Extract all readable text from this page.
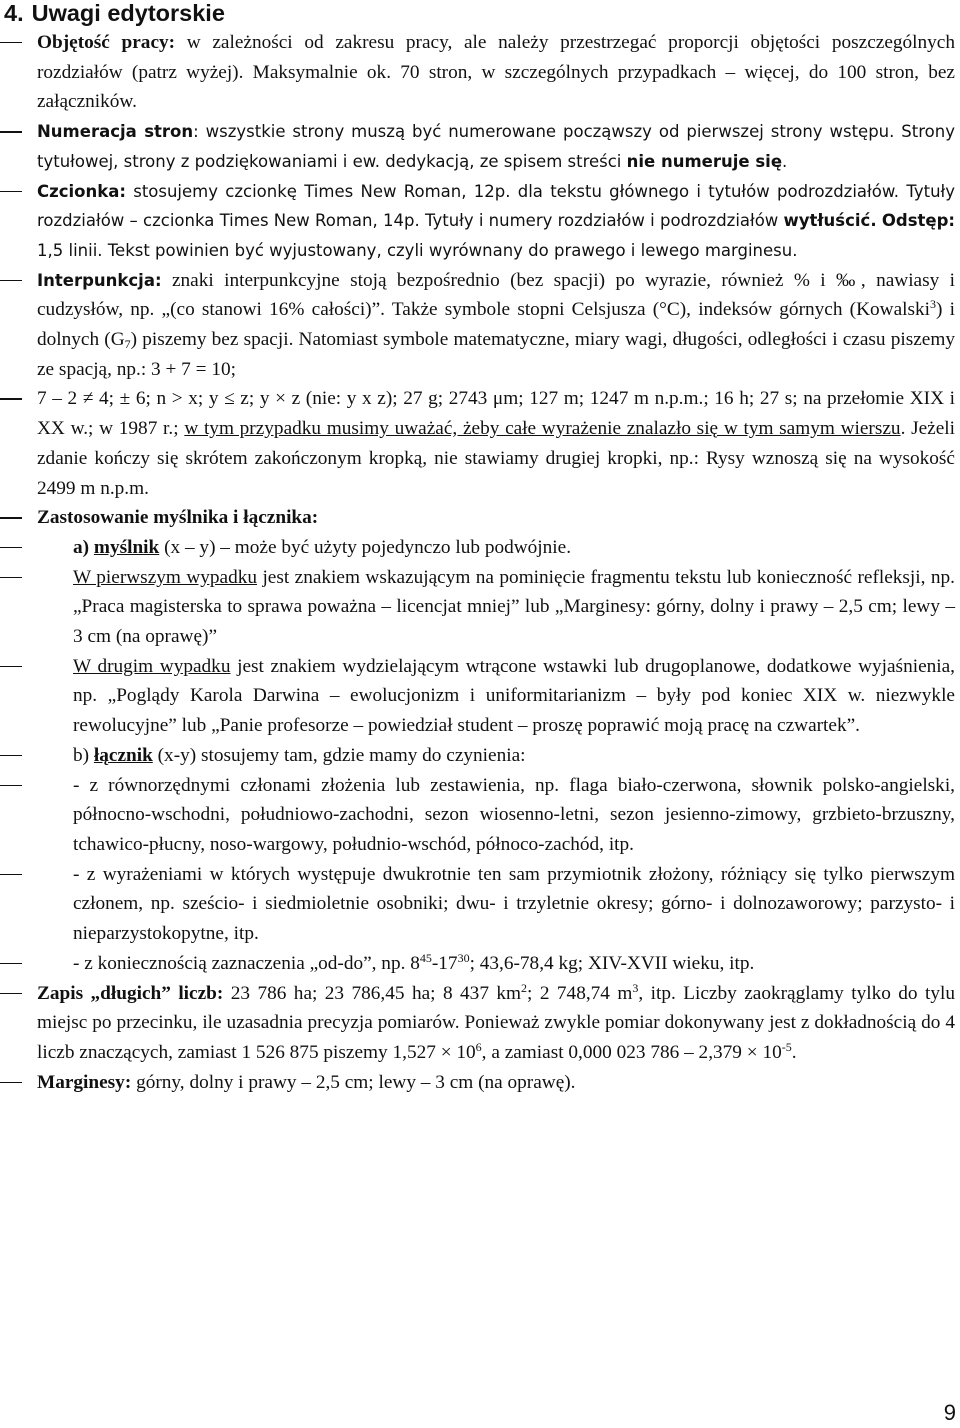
4. Uwagi edytorskie
Objętość pracy: w zależności od zakresu pracy, ale należy przestrzegać proporcji objętości poszczególnych rozdziałów (patrz wyżej). Maksymalnie ok. 70 stron, w szczególnych przypadkach – więcej, do 100 stron, bez załączników.
Numeracja stron: wszystkie strony muszą być numerowane począwszy od pierwszej strony wstępu. Strony tytułowej, strony z podziękowaniami i ew. dedykacją, ze spisem streści nie numeruje się.
Czcionka: stosujemy czcionkę Times New Roman, 12p. dla tekstu głównego i tytułów podrozdziałów. Tytuły rozdziałów – czcionka Times New Roman, 14p. Tytuły i numery rozdziałów i podrozdziałów wytłuścić. Odstęp: 1,5 linii. Tekst powinien być wyjustowany, czyli wyrównany do prawego i lewego marginesu.
Interpunkcja: znaki interpunkcyjne stoją bezpośrednio (bez spacji) po wyrazie, również % i ‰, nawiasy i cudzysłów, np. „(co stanowi 16% całości)”. Także symbole stopni Celsjusza (°C), indeksów górnych (Kowalski$^3$) i dolnych $(G_7)$ piszemy bez spacji. Natomiast symbole matematyczne, miary wagi, długości, odległości i czasu piszemy ze spacją, np.: 3 + 7 = 10;
7 – 2 ≠ 4; ± 6; n > x; y ≤ z; y × z (nie: y x z); 27 g; 2743 μm; 127 m; 1247 m n.p.m.; 16 h; 27 s; na przełomie XIX i XX w.; w 1987 r.; w tym przypadku musimy uważać, żeby całe wyrażenie znalazło się w tym samym wierszu. Jeżeli zdanie kończy się skrótem zakończonym kropką, nie stawiamy drugiej kropki, np.: Rysy wznoszą się na wysokość 2499 m n.p.m.
Zastosowanie myślnika i łącznika:
a) myślnik (x – y) – może być użyty pojedynczo lub podwójnie.
W pierwszym wypadku jest znakiem wskazującym na pominięcie fragmentu tekstu lub konieczność refleksji, np. „Praca magisterska to sprawa poważna – licencjat mniej” lub „Marginesy: górny, dolny i prawy – 2,5 cm; lewy – 3 cm (na oprawę)”
W drugim wypadku jest znakiem wydzielającym wtrącone wstawki lub drugoplanowe, dodatkowe wyjaśnienia, np. „Poglądy Karola Darwina – ewolucjonizm i uniformitarianizm – były pod koniec XIX w. niezwykle rewolucyjne” lub „Panie profesorze – powiedział student – proszę poprawić moją pracę na czwartek”.
b) łącznik (x-y) stosujemy tam, gdzie mamy do czynienia:
- z równorzędnymi członami złożenia lub zestawienia, np. flaga biało-czerwona, słownik polsko-angielski, północno-wschodni, południowo-zachodni, sezon wiosenno-letni, sezon jesienno-zimowy, grzbieto-brzuszny, tchawico-płucny, noso-wargowy, południo-wschód, północo-zachód, itp.
- z wyrażeniami w których występuje dwukrotnie ten sam przymiotnik złożony, różniący się tylko pierwszym członem, np. sześcio- i siedmioletnie osobniki; dwu- i trzyletnie okresy; górno- i dolnozaworowy; parzysto- i nieparzystokopytne, itp.
- z koniecznością zaznaczenia „od-do”, np. $8^{45}-17^{30}$; 43,6-78,4 kg; XIV-XVII wieku, itp.
Zapis „długich” liczb: 23 786 ha; 23 786,45 ha; 8 437 $km^2$; 2 748,74 $m^3$, itp. Liczby zaokrąglamy tylko do tylu miejsc po przecinku, ile uzasadnia precyzja pomiarów. Ponieważ zwykle pomiar dokonywany jest z dokładnością do 4 liczb znaczących, zamiast 1 526 875 piszemy $1,527 \times 10^6$, a zamiast 0,000 023 $786 - 2,379 \times 10^{-5}$.
Marginesy: górny, dolny i prawy – 2,5 cm; lewy – 3 cm (na oprawę).
9
